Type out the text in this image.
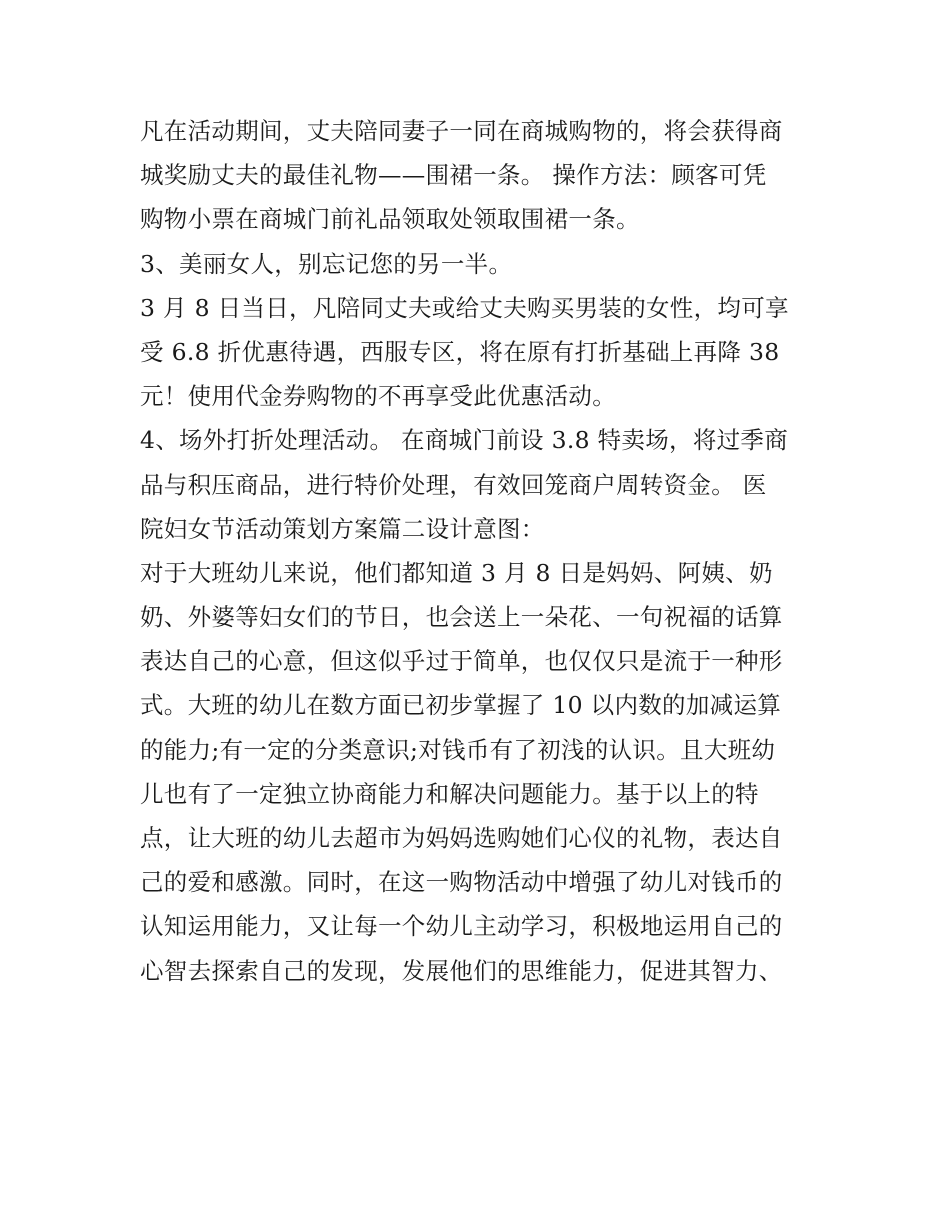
凡在活动期间，丈夫陪同妻子一同在商城购物的，将会获得商
城奖励丈夫的最佳礼物——围裙一条。 操作方法：顾客可凭
购物小票在商城门前礼品领取处领取围裙一条。
3、美丽女人，别忘记您的另一半。
3 月 8 日当日，凡陪同丈夫或给丈夫购买男装的女性，均可享
受 6.8 折优惠待遇，西服专区，将在原有打折基础上再降 38
元！使用代金券购物的不再享受此优惠活动。
4、场外打折处理活动。 在商城门前设 3.8 特卖场，将过季商
品与积压商品，进行特价处理，有效回笼商户周转资金。 医
院妇女节活动策划方案篇二设计意图：
对于大班幼儿来说，他们都知道 3 月 8 日是妈妈、阿姨、奶
奶、外婆等妇女们的节日，也会送上一朵花、一句祝福的话算
表达自己的心意，但这似乎过于简单，也仅仅只是流于一种形
式。大班的幼儿在数方面已初步掌握了 10 以内数的加减运算
的能力;有一定的分类意识;对钱币有了初浅的认识。且大班幼
儿也有了一定独立协商能力和解决问题能力。基于以上的特
点，让大班的幼儿去超市为妈妈选购她们心仪的礼物，表达自
己的爱和感激。同时，在这一购物活动中增强了幼儿对钱币的
认知运用能力，又让每一个幼儿主动学习，积极地运用自己的
心智去探索自己的发现，发展他们的思维能力，促进其智力、
